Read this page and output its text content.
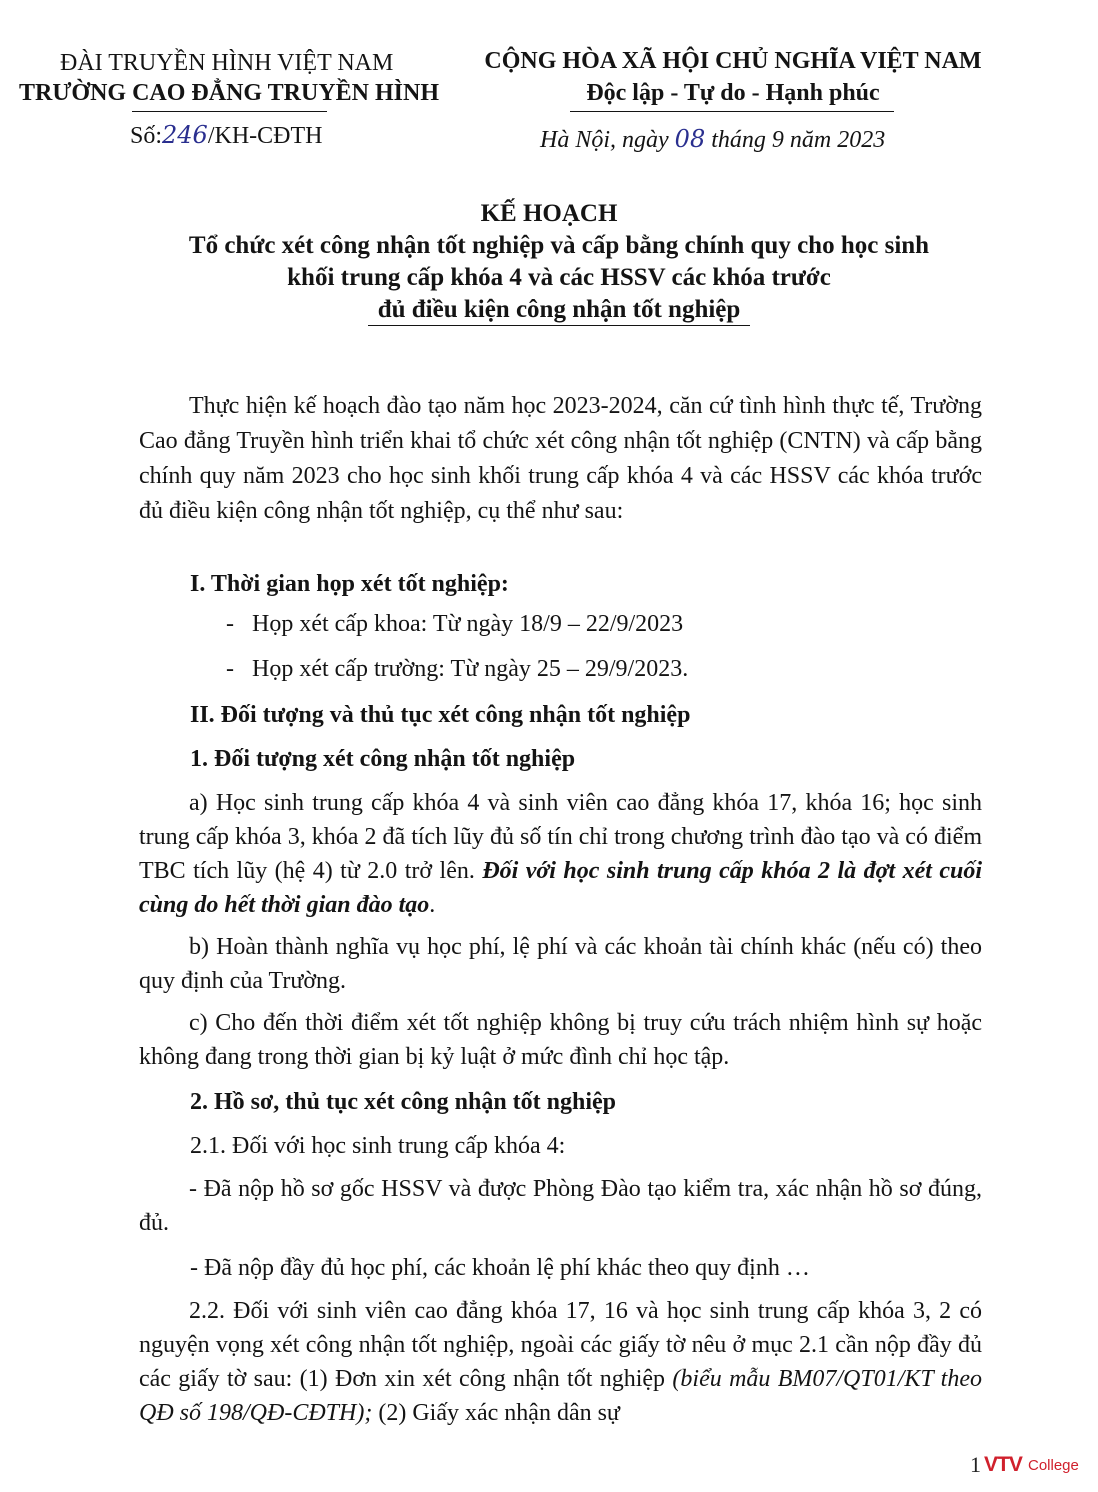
ĐÀI TRUYỀN HÌNH VIỆT NAM
TRƯỜNG CAO ĐẲNG TRUYỀN HÌNH
Số:246/KH-CĐTH
CỘNG HÒA XÃ HỘI CHỦ NGHĨA VIỆT NAM
Độc lập - Tự do - Hạnh phúc
Hà Nội, ngày 08 tháng 9 năm 2023
KẾ HOẠCH
Tổ chức xét công nhận tốt nghiệp và cấp bằng chính quy cho học sinh
khối trung cấp khóa 4 và các HSSV các khóa trước
đủ điều kiện công nhận tốt nghiệp
Thực hiện kế hoạch đào tạo năm học 2023-2024, căn cứ tình hình thực tế, Trường Cao đẳng Truyền hình triển khai tổ chức xét công nhận tốt nghiệp (CNTN) và cấp bằng chính quy năm 2023 cho học sinh khối trung cấp khóa 4 và các HSSV các khóa trước đủ điều kiện công nhận tốt nghiệp, cụ thể như sau:
I. Thời gian họp xét tốt nghiệp:
-   Họp xét cấp khoa: Từ ngày 18/9 – 22/9/2023
-   Họp xét cấp trường: Từ ngày 25 – 29/9/2023.
II. Đối tượng và thủ tục xét công nhận tốt nghiệp
1. Đối tượng xét công nhận tốt nghiệp
a) Học sinh trung cấp khóa 4 và sinh viên cao đẳng khóa 17, khóa 16; học sinh trung cấp khóa 3, khóa 2 đã tích lũy đủ số tín chỉ trong chương trình đào tạo và có điểm TBC tích lũy (hệ 4) từ 2.0 trở lên. Đối với học sinh trung cấp khóa 2 là đợt xét cuối cùng do hết thời gian đào tạo.
b) Hoàn thành nghĩa vụ học phí, lệ phí và các khoản tài chính khác (nếu có) theo quy định của Trường.
c) Cho đến thời điểm xét tốt nghiệp không bị truy cứu trách nhiệm hình sự hoặc không đang trong thời gian bị kỷ luật ở mức đình chỉ học tập.
2. Hồ sơ, thủ tục xét công nhận tốt nghiệp
2.1. Đối với học sinh trung cấp khóa 4:
- Đã nộp hồ sơ gốc HSSV và được Phòng Đào tạo kiểm tra, xác nhận hồ sơ đúng, đủ.
- Đã nộp đầy đủ học phí, các khoản lệ phí khác theo quy định …
2.2. Đối với sinh viên cao đẳng khóa 17, 16 và học sinh trung cấp khóa 3, 2 có nguyện vọng xét công nhận tốt nghiệp, ngoài các giấy tờ nêu ở mục 2.1 cần nộp đầy đủ các giấy tờ sau: (1) Đơn xin xét công nhận tốt nghiệp (biểu mẫu BM07/QT01/KT theo QĐ số 198/QĐ-CĐTH); (2) Giấy xác nhận dân sự
1 VTV College
